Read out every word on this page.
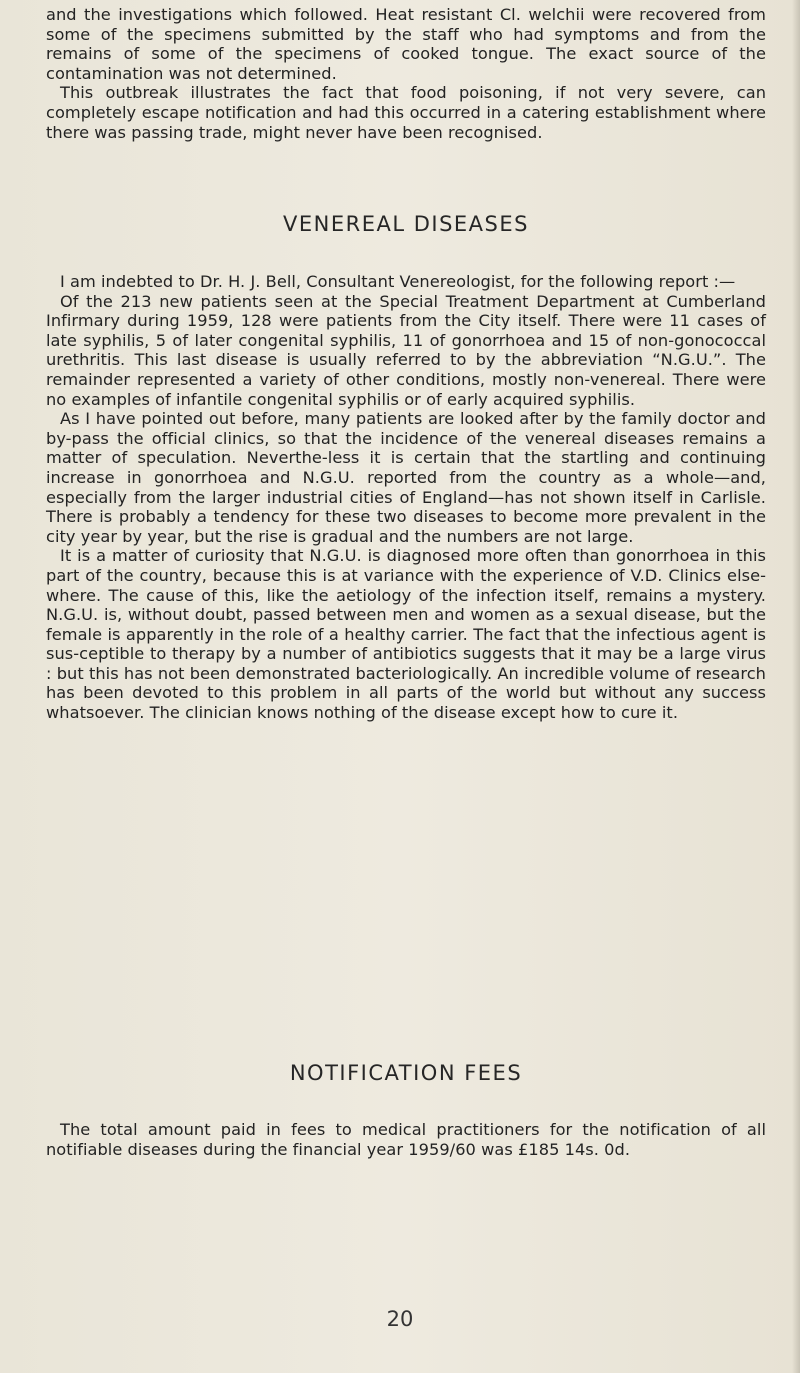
and the investigations which followed. Heat resistant Cl. welchii were recovered from some of the specimens submitted by the staff who had symptoms and from the remains of some of the specimens of cooked tongue. The exact source of the contamination was not determined.

This outbreak illustrates the fact that food poisoning, if not very severe, can completely escape notification and had this occurred in a catering establishment where there was passing trade, might never have been recognised.

VENEREAL DISEASES

I am indebted to Dr. H. J. Bell, Consultant Venereologist, for the following report :—

Of the 213 new patients seen at the Special Treatment Department at Cumberland Infirmary during 1959, 128 were patients from the City itself. There were 11 cases of late syphilis, 5 of later congenital syphilis, 11 of gonorrhoea and 15 of non-gonococcal urethritis. This last disease is usually referred to by the abbreviation “N.G.U.”. The remainder represented a variety of other conditions, mostly non-venereal. There were no examples of infantile congenital syphilis or of early acquired syphilis.

As I have pointed out before, many patients are looked after by the family doctor and by-pass the official clinics, so that the incidence of the venereal diseases remains a matter of speculation. Neverthe-less it is certain that the startling and continuing increase in gonorrhoea and N.G.U. reported from the country as a whole—and, especially from the larger industrial cities of England—has not shown itself in Carlisle. There is probably a tendency for these two diseases to become more prevalent in the city year by year, but the rise is gradual and the numbers are not large.

It is a matter of curiosity that N.G.U. is diagnosed more often than gonorrhoea in this part of the country, because this is at variance with the experience of V.D. Clinics else-where. The cause of this, like the aetiology of the infection itself, remains a mystery. N.G.U. is, without doubt, passed between men and women as a sexual disease, but the female is apparently in the role of a healthy carrier. The fact that the infectious agent is sus-ceptible to therapy by a number of antibiotics suggests that it may be a large virus : but this has not been demonstrated bacteriologically. An incredible volume of research has been devoted to this problem in all parts of the world but without any success whatsoever. The clinician knows nothing of the disease except how to cure it.

NOTIFICATION FEES

The total amount paid in fees to medical practitioners for the notification of all notifiable diseases during the financial year 1959/60 was £185 14s. 0d.

20
